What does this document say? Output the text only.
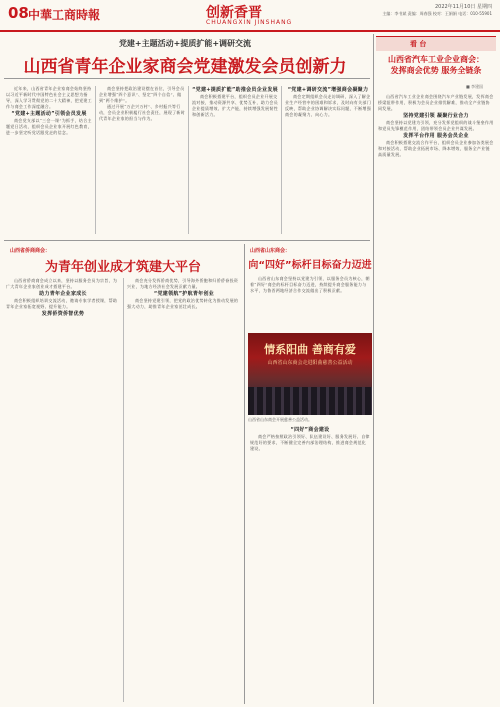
08 中華工商時報	创新香晋
CHUANGXIN JINSHANG
2022年11月10日 星期四
主编：李书斌 责编：周春强 校对：王娟娟 电话：010-55901
党建+主题活动+提质扩能+调研交流
山西省青年企业家商会党建激发会员创新力

近年来，山西省青年企业家商会始终坚持以习近平新时代中国特色社会主义思想为指导，深入学习贯彻党的二十大精神，把党建工作与商会工作深度融合。

“党建+主题活动”引领会员发展

商会党支部以“三会一课”为抓手，结合主题党日活动，组织会员企业家开展红色教育，进一步坚定听党话跟党走的信念。

商会坚持把政治建设摆在首位，引导会员企业增强“四个意识”、坚定“四个自信”、做到“两个维护”。

通过开展“万企兴万村”、乡村振兴等行动，会员企业积极履行社会责任，展现了新时代青年企业家的担当与作为。

“党建+提质扩能”助推会员企业发展

商会积极搭建平台，组织会员企业开展交流对接，推动资源共享、优势互补，助力会员企业提质增效、扩大产能，持续增强发展韧性和创新活力。

“党建+调研交流”增强商会凝聚力

商会定期组织会员走访调研，深入了解企业生产经营中的困难和诉求，及时向有关部门反映，帮助企业协调解决实际问题，不断增强商会的凝聚力、向心力。

山西省侨商商会：
为青年创业成才筑建大平台

山西省侨商商会成立以来，坚持以服务会员为宗旨，为广大青年企业家创业成才搭建平台。

助力青年企业家成长

商会积极组织培训交流活动，邀请专家学者授课，帮助青年企业家拓宽视野、提升能力。

发挥侨资侨智优势

商会充分发挥侨商优势，引导海外侨胞和归侨侨眷投资兴业，为地方经济社会发展贡献力量。

“党建领航”护航青年创业

商会坚持党建引领，把党的政治优势转化为推动发展的强大动力，助推青年企业家茁壮成长。

山西省山东商会：
向“四好”标杆目标奋力迈进

山西省山东商会坚持以党建为引领，以服务会员为核心，朝着“四好”商会的标杆目标奋力迈进，持续提升商会服务能力与水平，为鲁晋两地经济合作交流做出了积极贡献。

情系阳曲 善商有爱
山西省山东商会走进阳曲慈善公益活动
山西省山东商会开展慈善公益活动。

“四好”商会建设

商会严格按照政治引领好、队伍建设好、服务发展好、自律规范好的要求，不断健全完善内部治理结构，推进商会规范化建设。

看 台
山西省汽车工业企业商会：
发挥商会优势 服务全链条
■ 李建国

山西省汽车工业企业商会围绕汽车产业链发展，发挥商会桥梁纽带作用，积极为会员企业排忧解难，推动全产业链协同发展。

坚持党建引领 凝聚行业合力

商会坚持以党建为引领，充分发挥党组织的战斗堡垒作用和党员先锋模范作用，团结带领会员企业共谋发展。

发挥平台作用 服务会员企业

商会积极搭建交流合作平台，组织会员企业参加各类展会和对接活动，帮助企业拓展市场、降本增效，服务全产业链高质量发展。
